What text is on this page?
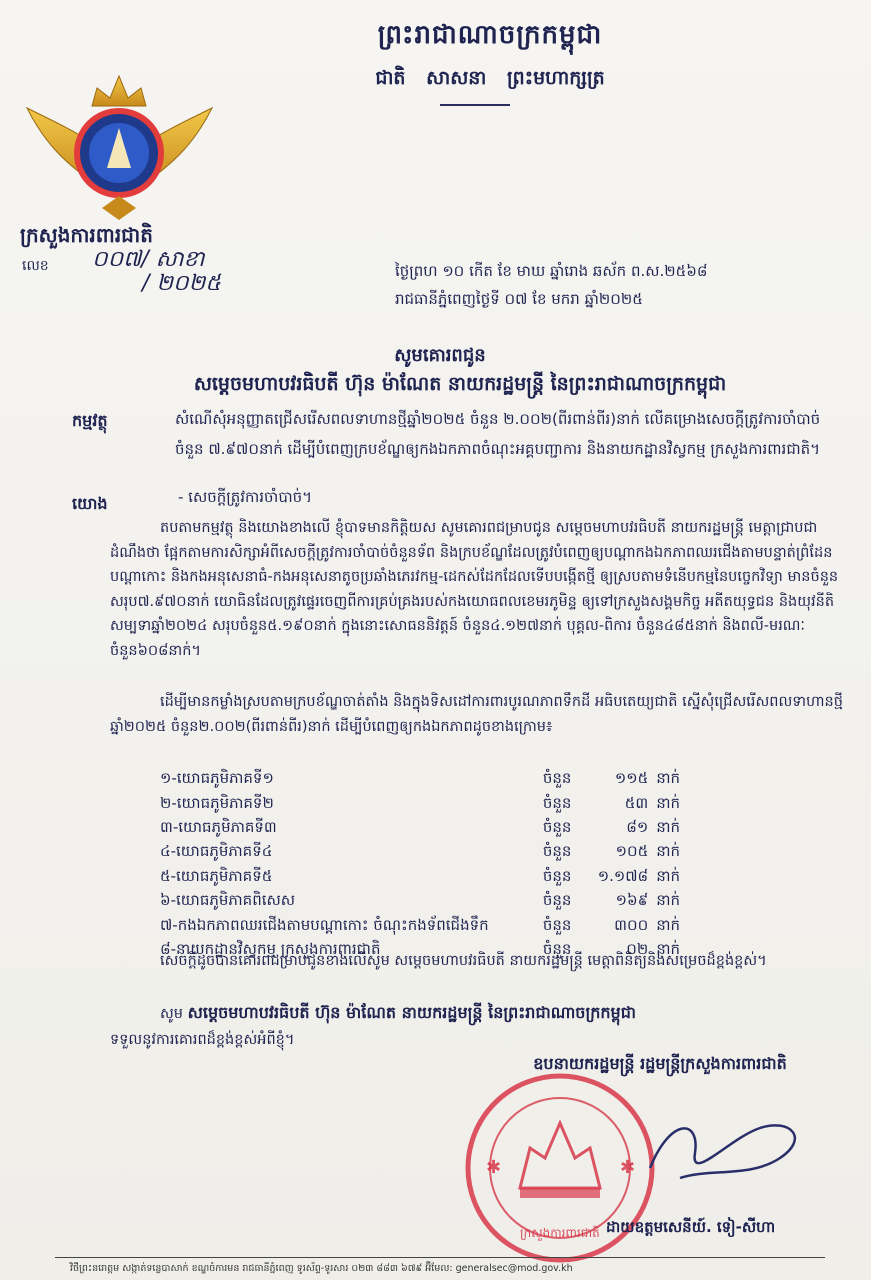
ព្រះរាជាណាចក្រកម្ពុជា
ជាតិ សាសនា ព្រះមហាក្សត្រ
ក្រសួងការពារជាតិ
លេខ ០០៧/ សាខា
/ ២០២៥	ថ្ងៃព្រហ ១០ កើត ខែ មាឃ ឆ្នាំរោង ឆស័ក ព.ស.២៥៦៨
រាជធានីភ្នំពេញថ្ងៃទី ០៧ ខែ មករា ឆ្នាំ២០២៥
សូមគោរពជូន
សម្តេចមហាបវរធិបតី ហ៊ុន ម៉ាណែត នាយករដ្ឋមន្ត្រី នៃព្រះរាជាណាចក្រកម្ពុជា
កម្មវត្ថុ	សំណើសុំអនុញ្ញាតជ្រើសរើសពលទាហានថ្មីឆ្នាំ២០២៥ ចំនួន ២.០០២(ពីរពាន់ពីរ)នាក់ លើគម្រោងសេចក្តីត្រូវការចាំបាច់ចំនួន ៧.៩៧០នាក់ ដើម្បីបំពេញក្របខ័ណ្ឌឲ្យកងឯកភាពចំណុះអគ្គបញ្ជាការ និងនាយកដ្ឋានវិស្វកម្ម ក្រសួងការពារជាតិ។
យោង	- សេចក្តីត្រូវការចាំបាច់។
តបតាមកម្មវត្ថុ និងយោងខាងលើ ខ្ញុំបាទមានកិត្តិយស សូមគោរពជម្រាបជូន សម្តេចមហាបវរធិបតី នាយករដ្ឋមន្ត្រី មេត្តាជ្រាបជាដំណឹងថា ផ្អែកតាមការសិក្សាអំពីសេចក្តីត្រូវការចាំបាច់ចំនួនទ័ព និងក្របខ័ណ្ឌដែលត្រូវបំពេញឲ្យបណ្តាកងឯកភាពឈរជើងតាមបន្ទាត់ព្រំដែន បណ្តាកោះ និងកងអនុសេនាធំ-កងអនុសេនាតូចប្រឆាំងភេរវកម្ម-ដេកស់ដែកដែលទើបបង្កើតថ្មី ឲ្យស្របតាមទំនើបកម្មនៃបច្ចេកវិទ្យា មានចំនួនសរុប៧.៩៧០នាក់ យោធិនដែលត្រូវផ្ទេរចេញពីការគ្រប់គ្រងរបស់កងយោធពលខេមរភូមិន្ទ ឲ្យទៅក្រសួងសង្គមកិច្ច អតីតយុទ្ធជន និងយុវនីតិសម្បទាឆ្នាំ២០២៤ សរុបចំនួន៥.១៩០នាក់ ក្នុងនោះសោធននិវត្តន៍ ចំនួន៤.១២៧នាក់ បុគ្គល-ពិការ ចំនួន៤៨៥នាក់ និងពលី-មរណៈចំនួន៦០៨នាក់។
ដើម្បីមានកម្លាំងស្របតាមក្របខ័ណ្ឌចាត់តាំង និងក្នុងទិសដៅការពារបូរណភាពទឹកដី អធិបតេយ្យជាតិ ស្នើសុំជ្រើសរើសពលទាហានថ្មីឆ្នាំ២០២៥ ចំនួន២.០០២(ពីរពាន់ពីរ)នាក់ ដើម្បីបំពេញឲ្យកងឯកភាពដូចខាងក្រោម៖
១-យោធភូមិភាគទី១	ចំនួន	១១៥ នាក់
២-យោធភូមិភាគទី២	ចំនួន	៥៣ នាក់
៣-យោធភូមិភាគទី៣	ចំនួន	៨១ នាក់
៤-យោធភូមិភាគទី៤	ចំនួន	១០៥ នាក់
៥-យោធភូមិភាគទី៥	ចំនួន	១.១៧៨ នាក់
៦-យោធភូមិភាគពិសេស	ចំនួន	១៦៩ នាក់
៧-កងឯកភាពឈរជើងតាមបណ្តាកោះ ចំណុះកងទ័ពជើងទឹក	ចំនួន	៣០០ នាក់
៨-នាយកដ្ឋានវិស្វកម្ម ក្រសួងការពារជាតិ	ចំនួន	០២ នាក់
សេចក្តីដូចបានគោរពជម្រាបជូនខាងលើសូម សម្តេចមហាបវរធិបតី នាយករដ្ឋមន្ត្រី មេត្តាពិនិត្យនិងសម្រេចដ៏ខ្ពង់ខ្ពស់។
សូម សម្តេចមហាបវរធិបតី ហ៊ុន ម៉ាណែត នាយករដ្ឋមន្ត្រី នៃព្រះរាជាណាចក្រកម្ពុជា
ទទួលនូវការគោរពដ៏ខ្ពង់ខ្ពស់អំពីខ្ញុំ។
ឧបនាយករដ្ឋមន្ត្រី រដ្ឋមន្ត្រីក្រសួងការពារជាតិ
✱	✱
ក្រសួងការពារជាតិ ដាយឧត្តមសេនីយ៍. ទៀ-សីហា
វិថីព្រះនរោត្តម សង្កាត់ទន្លេបាសាក់ ខណ្ឌចំការមន រាជធានីភ្នំពេញ ទូរស័ព្ទ-ទូរសារ ០២៣ ៨៨៣ ៦៧៩ អ៊ីមែល: generalsec@mod.gov.kh
